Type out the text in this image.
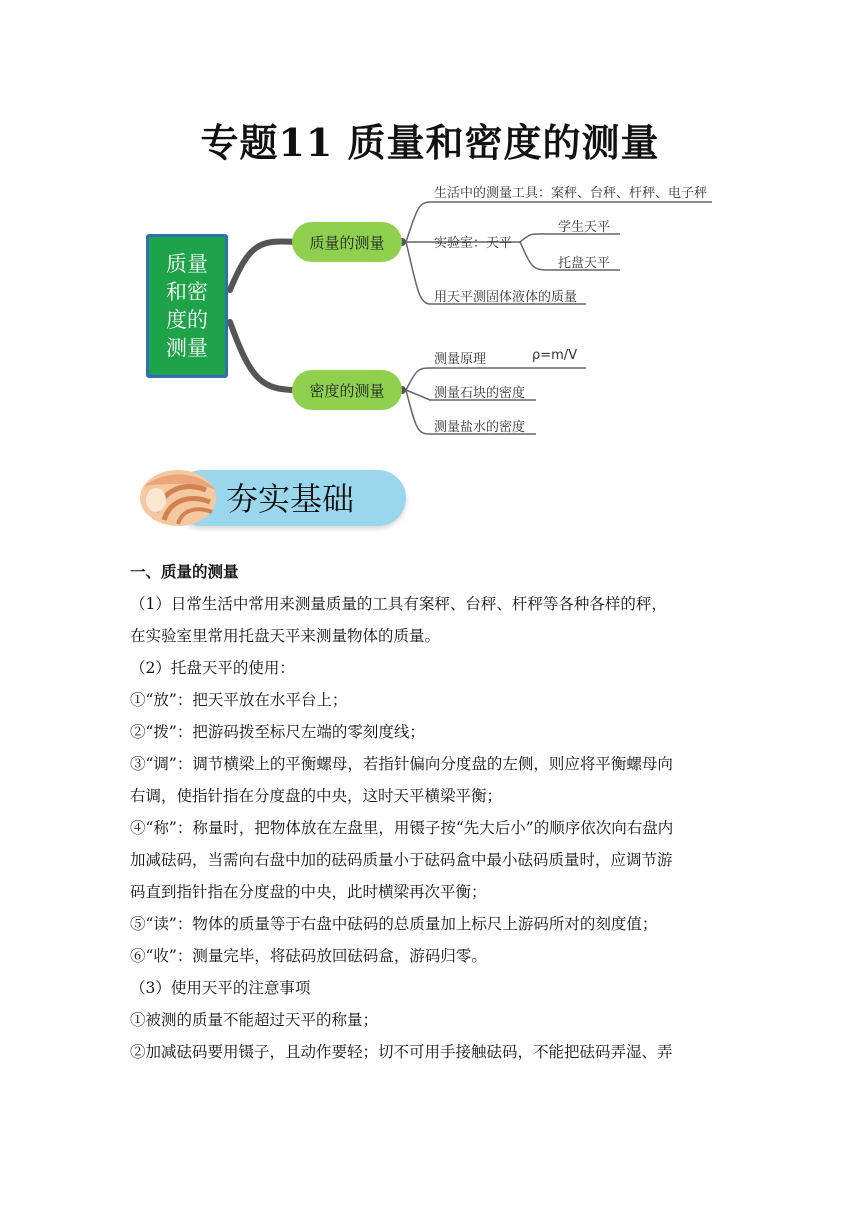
专题11 质量和密度的测量
质量和密度的测量
质量的测量
密度的测量
生活中的测量工具：案秤、台秤、杆秤、电子秤
实验室：天平
学生天平
托盘天平
用天平测固体液体的质量
测量原理	ρ=m/V
测量石块的密度
测量盐水的密度
夯实基础

一、质量的测量

（1）日常生活中常用来测量质量的工具有案秤、台秤、杆秤等各种各样的秤，

在实验室里常用托盘天平来测量物体的质量。

（2）托盘天平的使用：

①“放”：把天平放在水平台上；

②“拨”：把游码拨至标尺左端的零刻度线；

③“调”：调节横梁上的平衡螺母，若指针偏向分度盘的左侧，则应将平衡螺母向

右调，使指针指在分度盘的中央，这时天平横梁平衡；

④“称”：称量时，把物体放在左盘里，用镊子按“先大后小”的顺序依次向右盘内

加减砝码，当需向右盘中加的砝码质量小于砝码盒中最小砝码质量时，应调节游

码直到指针指在分度盘的中央，此时横梁再次平衡；

⑤“读”：物体的质量等于右盘中砝码的总质量加上标尺上游码所对的刻度值；

⑥“收”：测量完毕，将砝码放回砝码盒，游码归零。

（3）使用天平的注意事项

①被测的质量不能超过天平的称量；

②加减砝码要用镊子，且动作要轻；切不可用手接触砝码，不能把砝码弄湿、弄
